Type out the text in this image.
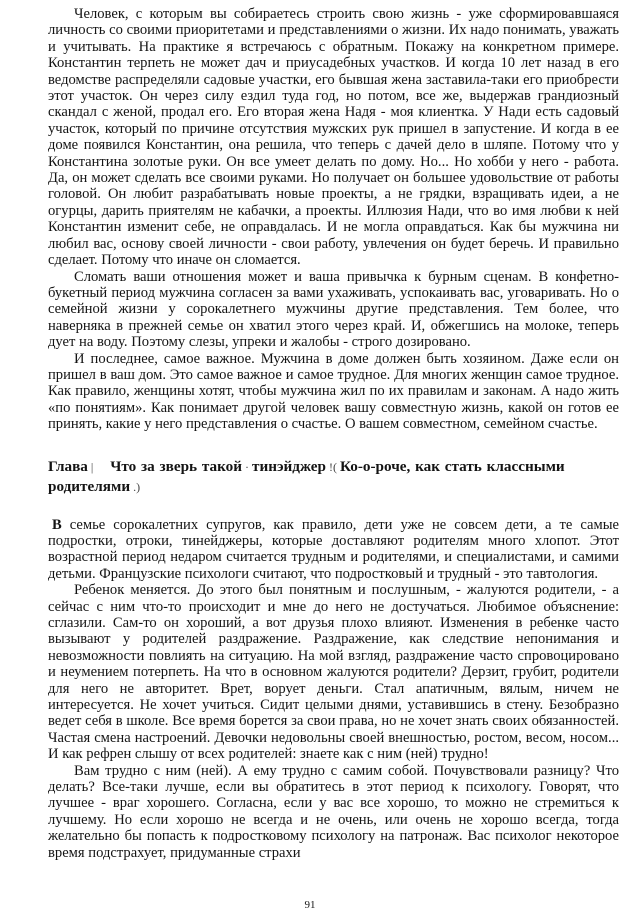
Человек, с которым вы собираетесь строить свою жизнь - уже сформировавшаяся личность со своими приоритетами и представлениями о жизни. Их надо понимать, уважать и учитывать. На практике я встречаюсь с обратным. Покажу на конкретном примере. Константин терпеть не может дач и приусадебных участков. И когда 10 лет назад в его ведомстве распределяли садовые участки, его бывшая жена заставила-таки его приобрести этот участок. Он через силу ездил туда год, но потом, все же, выдержав грандиозный скандал с женой, продал его. Его вторая жена Надя - моя клиентка. У Нади есть садовый участок, который по причине отсутствия мужских рук пришел в запустение. И когда в ее доме появился Константин, она решила, что теперь с дачей дело в шляпе. Потому что у Константина золотые руки. Он все умеет делать по дому. Но... Но хобби у него - работа. Да, он может сделать все своими руками. Но получает он большее удовольствие от работы головой. Он любит разрабатывать новые проекты, а не грядки, взращивать идеи, а не огурцы, дарить приятелям не кабачки, а проекты. Иллюзия Нади, что во имя любви к ней Константин изменит себе, не оправдалась. И не могла оправдаться. Как бы мужчина ни любил вас, основу своей личности - свои работу, увлечения он будет беречь. И правильно сделает. Потому что иначе он сломается.

Сломать ваши отношения может и ваша привычка к бурным сценам. В конфетно-букетный период мужчина согласен за вами ухаживать, успокаивать вас, уговаривать. Но о семейной жизни у сорокалетнего мужчины другие представления. Тем более, что наверняка в прежней семье он хватил этого через край. И, обжегшись на молоке, теперь дует на воду. Поэтому слезы, упреки и жалобы - строго дозировано.

И последнее, самое важное. Мужчина в доме должен быть хозяином. Даже если он пришел в ваш дом. Это самое важное и самое трудное. Для многих женщин самое трудное. Как правило, женщины хотят, чтобы мужчина жил по их правилам и законам. А надо жить «по понятиям». Как понимает другой человек вашу совместную жизнь, какой он готов ее принять, какие у него представления о счастье. О вашем совместном, семейном счастье.

Глава | Что за зверь такой · тинэйджер !( Ко-о-роче, как стать классными родителями .)

В семье сорокалетних супругов, как правило, дети уже не совсем дети, а те самые подростки, отроки, тинейджеры, которые доставляют родителям много хлопот. Этот возрастной период недаром считается трудным и родителями, и специалистами, и самими детьми. Французские психологи считают, что подростковый и трудный - это тавтология.

Ребенок меняется. До этого был понятным и послушным, - жалуются родители, - а сейчас с ним что-то происходит и мне до него не достучаться. Любимое объяснение: сглазили. Сам-то он хороший, а вот друзья плохо влияют. Изменения в ребенке часто вызывают у родителей раздражение. Раздражение, как следствие непонимания и невозможности повлиять на ситуацию. На мой взгляд, раздражение часто спровоцировано и неумением потерпеть. На что в основном жалуются родители? Дерзит, грубит, родители для него не авторитет. Врет, ворует деньги. Стал апатичным, вялым, ничем не интересуется. Не хочет учиться. Сидит целыми днями, уставившись в стену. Безобразно ведет себя в школе. Все время борется за свои права, но не хочет знать своих обязанностей. Частая смена настроений. Девочки недовольны своей внешностью, ростом, весом, носом... И как рефрен слышу от всех родителей: знаете как с ним (ней) трудно!

Вам трудно с ним (ней). А ему трудно с самим собой. Почувствовали разницу? Что делать? Все-таки лучше, если вы обратитесь в этот период к психологу. Говорят, что лучшее - враг хорошего. Согласна, если у вас все хорошо, то можно не стремиться к лучшему. Но если хорошо не всегда и не очень, или очень не хорошо всегда, тогда желательно бы попасть к подростковому психологу на патронаж. Вас психолог некоторое время подстрахует, придуманные страхи

91
